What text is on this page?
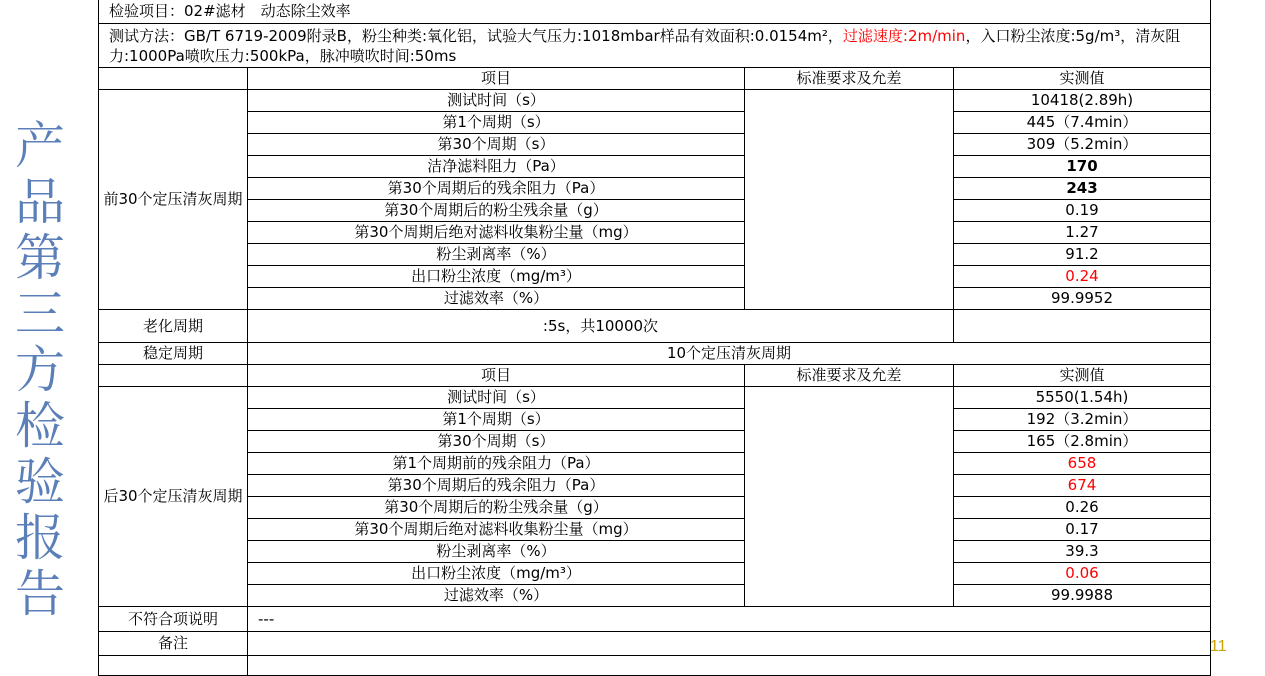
产
品
第
三
方
检
验
报
告
11
检验项目：02#滤材　动态除尘效率			
测试方法：GB/T 6719-2009附录B，粉尘种类:氧化铝，试验大气压力:1018mbar样品有效面积:0.0154m²，过滤速度:2m/min，入口粉尘浓度:5g/m³，清灰阻力:1000Pa喷吹压力:500kPa，脉冲喷吹时间:50ms			
	项目	标准要求及允差	实测值
前30个定压清灰周期	测试时间（s）		10418(2.89h)
	第1个周期（s）		445（7.4min）
	第30个周期（s）		309（5.2min）
	洁净滤料阻力（Pa）		170
	第30个周期后的残余阻力（Pa）		243
	第30个周期后的粉尘残余量（g）		0.19
	第30个周期后绝对滤料收集粉尘量（mg）		1.27
	粉尘剥离率（%）		91.2
	出口粉尘浓度（mg/m³）		0.24
	过滤效率（%）		99.9952
老化周期	:5s，共10000次		
稳定周期	10个定压清灰周期		
	项目	标准要求及允差	实测值
后30个定压清灰周期	测试时间（s）		5550(1.54h)
	第1个周期（s）		192（3.2min）
	第30个周期（s）		165（2.8min）
	第1个周期前的残余阻力（Pa）		658
	第30个周期后的残余阻力（Pa）		674
	第30个周期后的粉尘残余量（g）		0.26
	第30个周期后绝对滤料收集粉尘量（mg）		0.17
	粉尘剥离率（%）		39.3
	出口粉尘浓度（mg/m³）		0.06
	过滤效率（%）		99.9988
不符合项说明	---		
备注			
